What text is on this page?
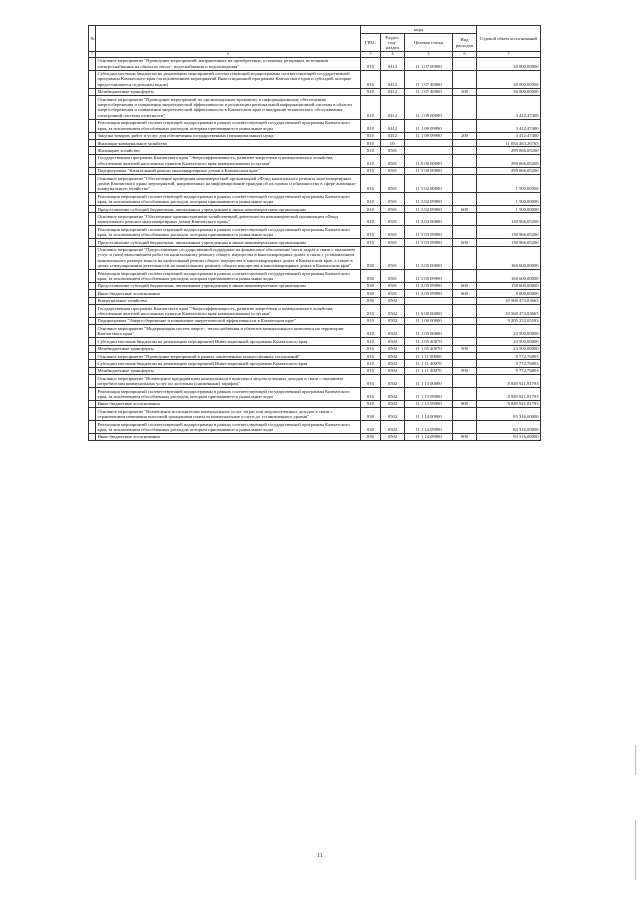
№		коды				Годовой объем ассигнований
		ГРБС	Раздел, под-раздел	Целевая статья	Вид расходов	
1	2	3	4	5	6	7
	Основное мероприятие "Проведение мероприятий, направленных на приобретение, установку резервных источников электроснабжения на объектах тепло-, водоснабжения и водоотведения"	810	0412	11 1 07 00000		30 000,00000
	Субсидии местным бюджетам на реализацию мероприятий соответствующей подпрограммы соответствующей государственной программы Камчатского края (за исключением мероприятий Инвестиционной программы Камчатского края и субсидий, которые предоставляются отдельным кодом)	810	0412	11 1 07 40060		30 000,00000
	Межбюджетные трансферты	810	0412	11 1 07 40060	500	30 000,00000
	Основное мероприятие "Проведение мероприятий по организационно-правовому и информационному обеспечению энергосбережения и повышения энергетической эффективности и реализации региональной информационной системы в области энергосбережения и повышения энергетической эффективности в Камчатском крае и внедрение технического обслуживания электронной системы отчетности"	810	0412	11 1 09 00000		3 412,47400
	Реализация мероприятий соответствующей подпрограммы в рамках соответствующей государственной программы Камчатского края, за исключением обособленных расходов, которым присваиваются уникальные коды	810	0412	11 1 09 09990		3 412,47400
	Закупка товаров, работ и услуг для обеспечения государственных (муниципальных) нужд	810	0412	11 1 09 09990	200	3 412,47400
	Жилищно-коммунальное хозяйство	810	05			11 054 263,26765
	Жилищное хозяйство	810	0501			299 066,05200
	Государственная программа Камчатского края "Энергоэффективность, развитие энергетики и коммунального хозяйства, обеспечение жителей населенных пунктов Камчатского края коммунальными услугами"	810	0501	11 0 00 00000		299 066,05200
	Подпрограмма "Капитальный ремонт многоквартирных домов в Камчатском крае"	810	0501	11 3 00 00000		299 066,05200
	Основное мероприятие "Обеспечение проведения некоммерческой организацией «Фонд капитального ремонта многоквартирных домов Камчатского края» мероприятий, направленных на информирование граждан об их правах и обязанностях в сфере жилищно-коммунального хозяйства"	810	0501	11 3 02 00000		1 500,00000
	Реализация мероприятий соответствующей подпрограммы в рамках соответствующей государственной программы Камчатского края, за исключением обособленных расходов, которым присваиваются уникальные коды	810	0501	11 3 02 09990		1 500,00000
	Предоставление субсидий бюджетным, автономным учреждениям и иным некоммерческим организациям	810	0501	11 3 02 09990	600	1 500,00000
	Основное мероприятие "Обеспечение административно-хозяйственной деятельности некоммерческой организации «Фонд капитального ремонта многоквартирных домов Камчатского края»"	810	0501	11 3 03 00000		130 966,05200
	Реализация мероприятий соответствующей подпрограммы в рамках соответствующей государственной программы Камчатского края, за исключением обособленных расходов, которым присваиваются уникальные коды	810	0501	11 3 03 09990		130 966,05200
	Предоставление субсидий бюджетным, автономным учреждениям и иным некоммерческим организациям	810	0501	11 3 03 09990	600	130 966,05200
	Основное мероприятие "Предоставление государственной поддержки на финансовое обеспечение части затрат в связи с оказанием услуг и (или) выполнением работ по капитальному ремонту общего имущества в многоквартирных домах в связи с установлением минимального размера взноса на капитальный ремонт общего имущества в многоквартирных домах в Камчатском крае, а также в целях стимулирования деятельности по капитальному ремонту общего имущества в многоквартирных домах в Камчатском крае"	830	0501	11 3 05 00000		166 600,00000
	Реализация мероприятий соответствующей подпрограммы в рамках соответствующей государственной программы Камчатского края, за исключением обособленных расходов, которым присваиваются уникальные коды	830	0501	11 3 05 09990		166 600,00000
	Предоставление субсидий бюджетным, автономным учреждениям и иным некоммерческим организациям	830	0501	11 3 05 09990	600	158 600,00000
	Иные бюджетные ассигнования	830	0501	11 3 05 09990	800	8 000,00000
	Коммунальное хозяйство	830	0502			10 568 474,03665
	Государственная программа Камчатского края "Энергоэффективность, развитие энергетики и коммунального хозяйства, обеспечение жителей населенных пунктов Камчатского края коммунальными услугами"	810	0502	11 0 00 00000		10 568 474,03665
	Подпрограмма "Энергосбережение и повышение энергетической эффективности в Камчатском крае"	810	0502	11 1 00 00000		9 205 252,05593
	Основное мероприятие "Модернизация систем энерго-, теплоснабжения и объектов коммунального комплекса на территории Камчатского края"	810	0502	11 1 05 00000		23 500,00000
	Субсидии местным бюджетам на реализацию мероприятий Инвестиционной программы Камчатского края	810	0502	11 1 05 40070		23 500,00000
	Межбюджетные трансферты	810	0502	11 1 05 40070	500	23 500,00000
	Основное мероприятие "Проведение мероприятий в рамках заключенных концессионных соглашений"	810	0502	11 1 11 00000		9 772,76803
	Субсидии местным бюджетам на реализацию мероприятий Инвестиционной программы Камчатского края	810	0502	11 1 11 40070		9 772,76803
	Межбюджетные трансферты	810	0502	11 1 11 40070	500	9 772,76803
	Основное мероприятие "Возмещение предприятиям коммунального комплекса недополученных доходов в связи с оказанием потребителям коммунальных услуг по льготным (сниженным) тарифам"	810	0502	11 1 13 00000		8 849 921,81793
	Реализация мероприятий соответствующей подпрограммы в рамках соответствующей государственной программы Камчатского края, за исключением обособленных расходов, которым присваиваются уникальные коды	810	0502	11 1 13 09990		8 849 921,81793
	Иные бюджетные ассигнования	810	0502	11 1 13 09990	800	8 849 921,81793
	Основное мероприятие "Возмещение исполнителям коммунальных услуг затрат или недополученных доходов в связи с ограничением изменения вносимой гражданами платы за коммунальные услуги до установленного уровня"	830	0502	11 1 14 00000		83 316,00000
	Реализация мероприятий соответствующей подпрограммы в рамках соответствующей государственной программы Камчатского края, за исключением обособленных расходов, которым присваиваются уникальные коды	830	0502	11 1 14 09990		83 316,00000
	Иные бюджетные ассигнования	830	0502	11 1 14 09990	800	83 316,00000
11
